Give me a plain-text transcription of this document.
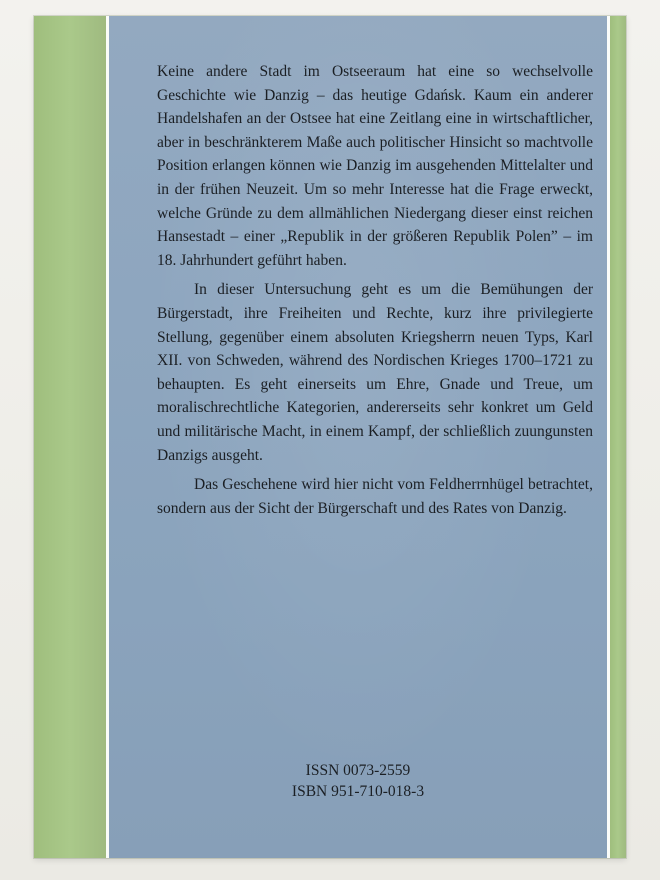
Keine andere Stadt im Ostseeraum hat eine so wechselvolle Geschichte wie Danzig – das heutige Gdańsk. Kaum ein anderer Handelshafen an der Ostsee hat eine Zeitlang eine in wirtschaftlicher, aber in beschränkterem Maße auch politischer Hinsicht so machtvolle Position erlangen können wie Danzig im ausgehenden Mittelalter und in der frühen Neuzeit. Um so mehr Interesse hat die Frage erweckt, welche Gründe zu dem allmählichen Niedergang dieser einst reichen Hansestadt – einer „Republik in der größeren Republik Polen” – im 18. Jahrhundert geführt haben.

In dieser Untersuchung geht es um die Bemühungen der Bürgerstadt, ihre Freiheiten und Rechte, kurz ihre privilegierte Stellung, gegenüber einem absoluten Kriegsherrn neuen Typs, Karl XII. von Schweden, während des Nordischen Krieges 1700–1721 zu behaupten. Es geht einerseits um Ehre, Gnade und Treue, um moralischrechtliche Kategorien, andererseits sehr konkret um Geld und militärische Macht, in einem Kampf, der schließlich zuungunsten Danzigs ausgeht.

Das Geschehene wird hier nicht vom Feldherrnhügel betrachtet, sondern aus der Sicht der Bürgerschaft und des Rates von Danzig.

ISSN 0073-2559
ISBN 951-710-018-3
